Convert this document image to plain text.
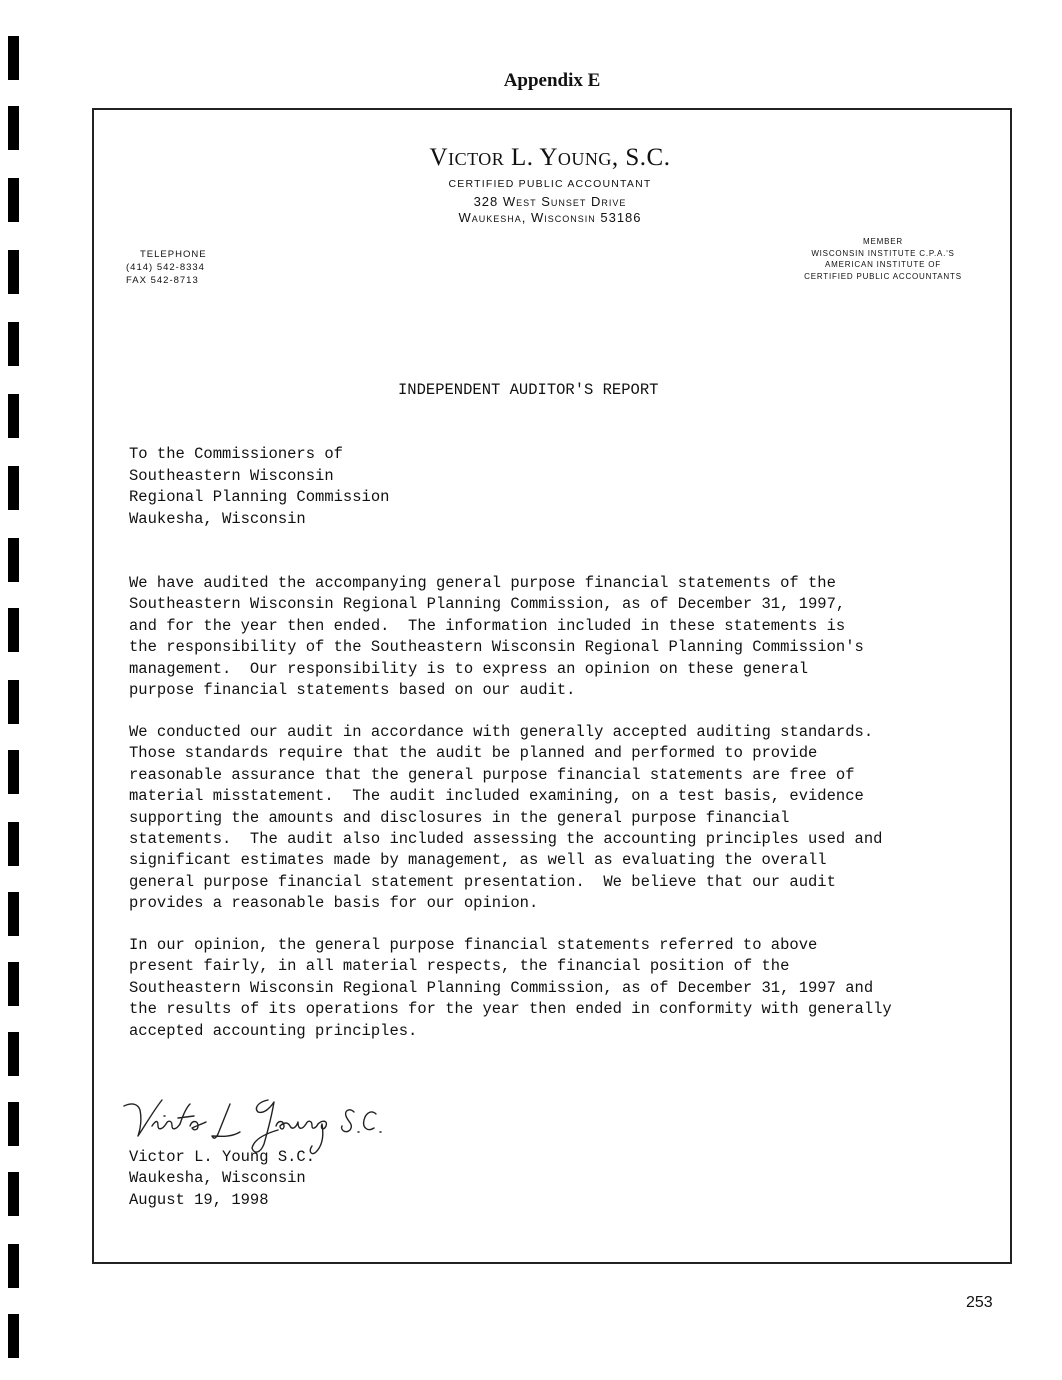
Appendix E
Victor L. Young, S.C.
CERTIFIED PUBLIC ACCOUNTANT
328 West Sunset Drive
Waukesha, Wisconsin 53186
TELEPHONE
(414) 542-8334
FAX 542-8713
MEMBER
WISCONSIN INSTITUTE C.P.A.'S
AMERICAN INSTITUTE OF
CERTIFIED PUBLIC ACCOUNTANTS
INDEPENDENT AUDITOR'S REPORT
To the Commissioners of
Southeastern Wisconsin
Regional Planning Commission
Waukesha, Wisconsin
We have audited the accompanying general purpose financial statements of the
Southeastern Wisconsin Regional Planning Commission, as of December 31, 1997,
and for the year then ended.  The information included in these statements is
the responsibility of the Southeastern Wisconsin Regional Planning Commission's
management.  Our responsibility is to express an opinion on these general
purpose financial statements based on our audit.
We conducted our audit in accordance with generally accepted auditing standards.
Those standards require that the audit be planned and performed to provide
reasonable assurance that the general purpose financial statements are free of
material misstatement.  The audit included examining, on a test basis, evidence
supporting the amounts and disclosures in the general purpose financial
statements.  The audit also included assessing the accounting principles used and
significant estimates made by management, as well as evaluating the overall
general purpose financial statement presentation.  We believe that our audit
provides a reasonable basis for our opinion.
In our opinion, the general purpose financial statements referred to above
present fairly, in all material respects, the financial position of the
Southeastern Wisconsin Regional Planning Commission, as of December 31, 1997 and
the results of its operations for the year then ended in conformity with generally
accepted accounting principles.
Victor L. Young S.C.
Waukesha, Wisconsin
August 19, 1998
253
